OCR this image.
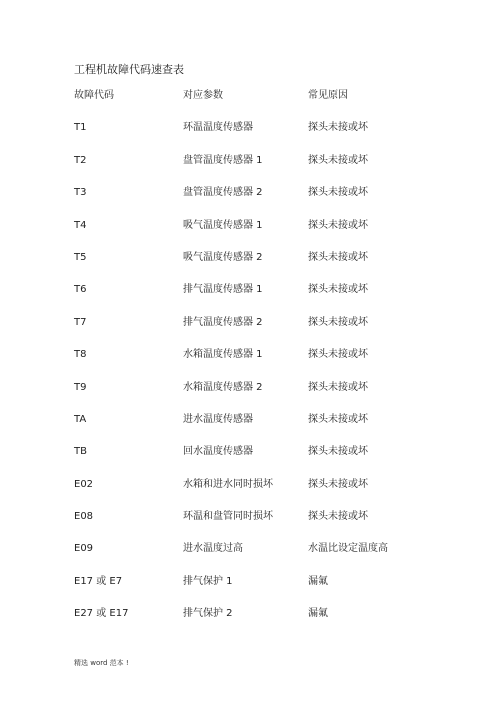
工程机故障代码速查表
故障代码	对应参数	常见原因
T1	环温温度传感器	探头未接或坏
T2	盘管温度传感器 1	探头未接或坏
T3	盘管温度传感器 2	探头未接或坏
T4	吸气温度传感器 1	探头未接或坏
T5	吸气温度传感器 2	探头未接或坏
T6	排气温度传感器 1	探头未接或坏
T7	排气温度传感器 2	探头未接或坏
T8	水箱温度传感器 1	探头未接或坏
T9	水箱温度传感器 2	探头未接或坏
TA	进水温度传感器	探头未接或坏
TB	回水温度传感器	探头未接或坏
E02	水箱和进水同时损坏	探头未接或坏
E08	环温和盘管同时损坏	探头未接或坏
E09	进水温度过高	水温比设定温度高
E17 或 E7	排气保护 1	漏氟
E27 或 E17	排气保护 2	漏氟
精选 word 范本 !
